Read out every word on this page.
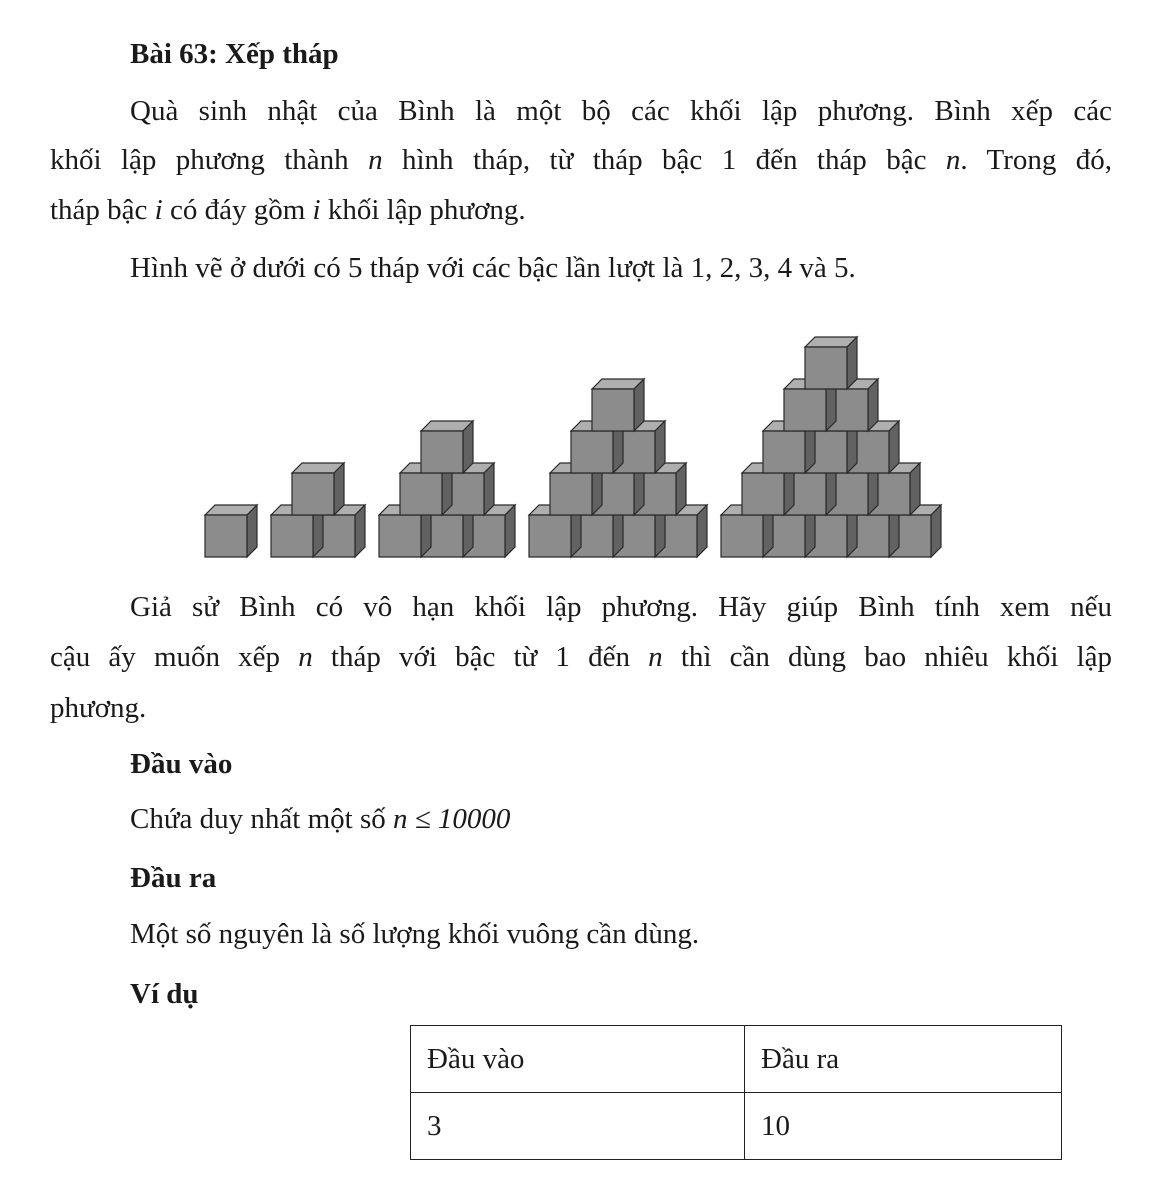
Bài 63: Xếp tháp
Quà sinh nhật của Bình là một bộ các khối lập phương. Bình xếp các
khối lập phương thành n hình tháp, từ tháp bậc 1 đến tháp bậc n. Trong đó,
tháp bậc i có đáy gồm i khối lập phương.
Hình vẽ ở dưới có 5 tháp với các bậc lần lượt là 1, 2, 3, 4 và 5.
Giả sử Bình có vô hạn khối lập phương. Hãy giúp Bình tính xem nếu
cậu ấy muốn xếp n tháp với bậc từ 1 đến n thì cần dùng bao nhiêu khối lập
phương.
Đầu vào
Chứa duy nhất một số n ≤ 10000
Đầu ra
Một số nguyên là số lượng khối vuông cần dùng.
Ví dụ
Đầu vào	Đầu ra
3	10
